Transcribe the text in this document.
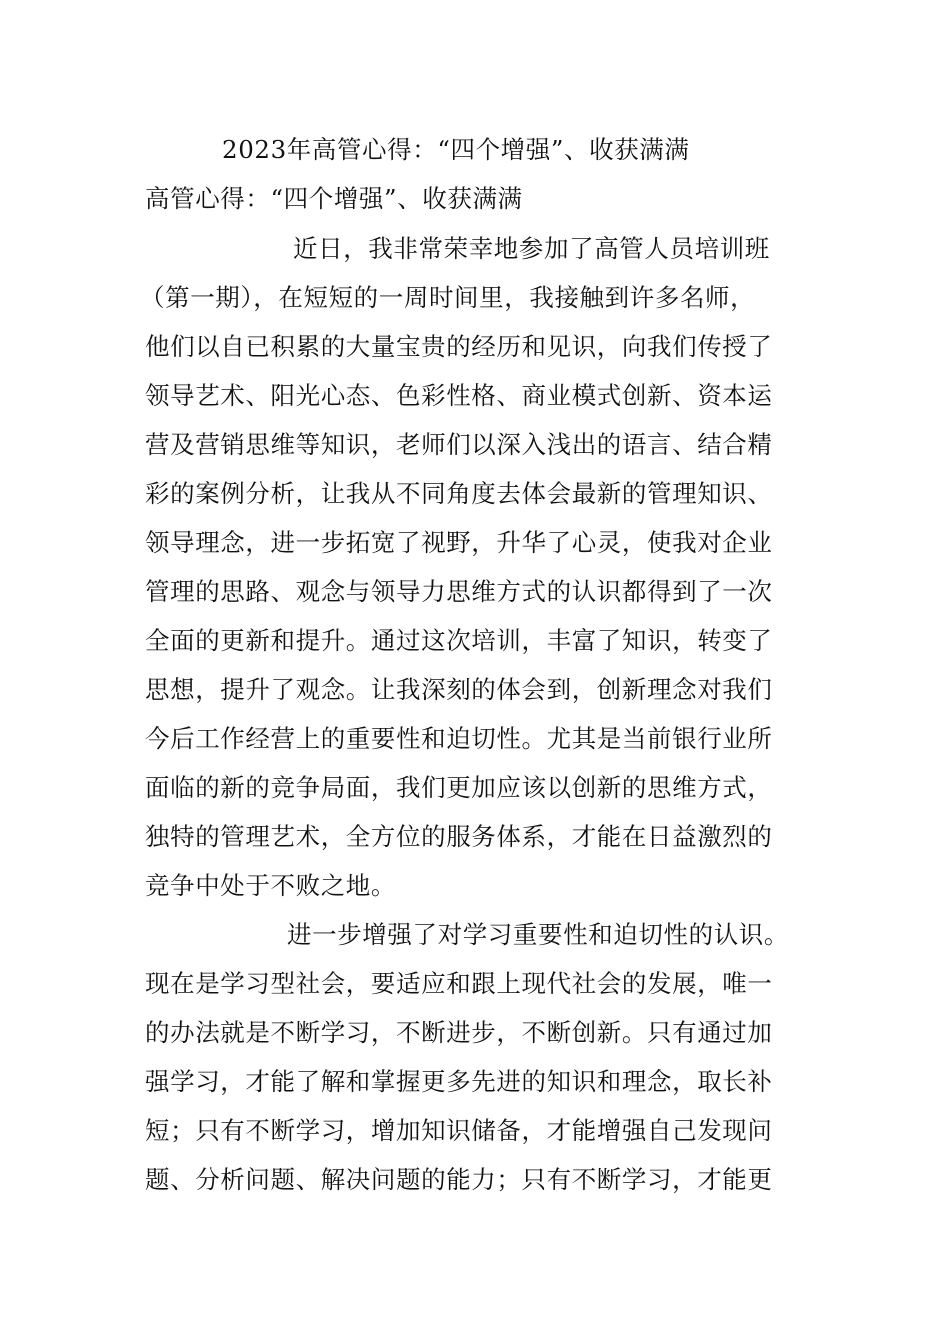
2023年高管心得：“四个增强”、收获满满
高管心得：“四个增强”、收获满满
近日，我非常荣幸地参加了高管人员培训班
（第一期），在短短的一周时间里，我接触到许多名师，
他们以自已积累的大量宝贵的经历和见识，向我们传授了
领导艺术、阳光心态、色彩性格、商业模式创新、资本运
营及营销思维等知识，老师们以深入浅出的语言、结合精
彩的案例分析，让我从不同角度去体会最新的管理知识、
领导理念，进一步拓宽了视野，升华了心灵，使我对企业
管理的思路、观念与领导力思维方式的认识都得到了一次
全面的更新和提升。通过这次培训，丰富了知识，转变了
思想，提升了观念。让我深刻的体会到，创新理念对我们
今后工作经营上的重要性和迫切性。尤其是当前银行业所
面临的新的竞争局面，我们更加应该以创新的思维方式，
独特的管理艺术，全方位的服务体系，才能在日益激烈的
竞争中处于不败之地。
进一步增强了对学习重要性和迫切性的认识。
现在是学习型社会，要适应和跟上现代社会的发展，唯一
的办法就是不断学习，不断进步，不断创新。只有通过加
强学习，才能了解和掌握更多先进的知识和理念，取长补
短；只有不断学习，增加知识储备，才能增强自己发现问
题、分析问题、解决问题的能力；只有不断学习，才能更
